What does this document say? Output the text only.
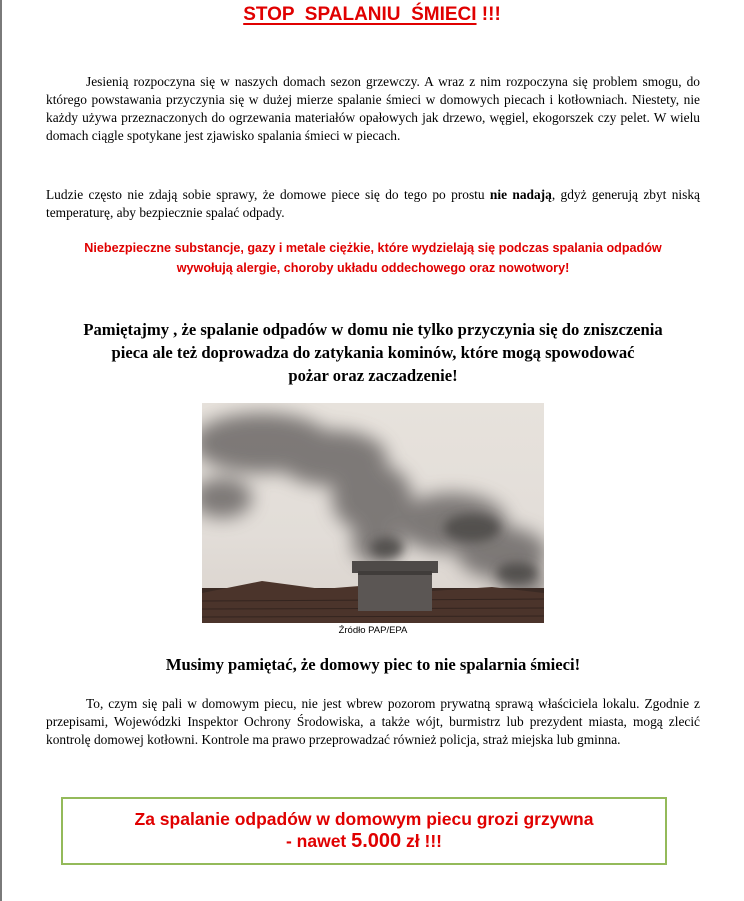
STOP  SPALANIU  ŚMIECI !!!

Jesienią rozpoczyna się w naszych domach sezon grzewczy. A wraz z nim rozpoczyna się problem smogu, do którego powstawania przyczynia się w dużej mierze spalanie śmieci w domowych piecach i kotłowniach. Niestety, nie każdy używa przeznaczonych do ogrzewania materiałów opałowych jak drzewo, węgiel, ekogorszek czy pelet. W wielu domach ciągle spotykane jest zjawisko spalania śmieci w piecach.

Ludzie często nie zdają sobie sprawy, że domowe piece się do tego po prostu nie nadają, gdyż generują zbyt niską temperaturę, aby bezpiecznie spalać odpady.

Niebezpieczne substancje, gazy i metale ciężkie, które wydzielają się podczas spalania odpadów
wywołują alergie, choroby układu oddechowego oraz nowotwory!
Pamiętajmy , że spalanie odpadów w domu nie tylko przyczynia się do zniszczenia
pieca ale też doprowadza do zatykania kominów, które mogą spowodować
pożar oraz zaczadzenie!
Źródło PAP/EPA
Musimy pamiętać, że domowy piec to nie spalarnia śmieci!

To, czym się pali w domowym piecu, nie jest wbrew pozorom prywatną sprawą właściciela lokalu. Zgodnie z przepisami, Wojewódzki Inspektor Ochrony Środowiska, a także wójt, burmistrz lub prezydent miasta, mogą zlecić kontrolę domowej kotłowni. Kontrole ma prawo przeprowadzać również policja, straż miejska lub gminna.

Za spalanie odpadów w domowym piecu grozi grzywna
- nawet 5.000 zł !!!
